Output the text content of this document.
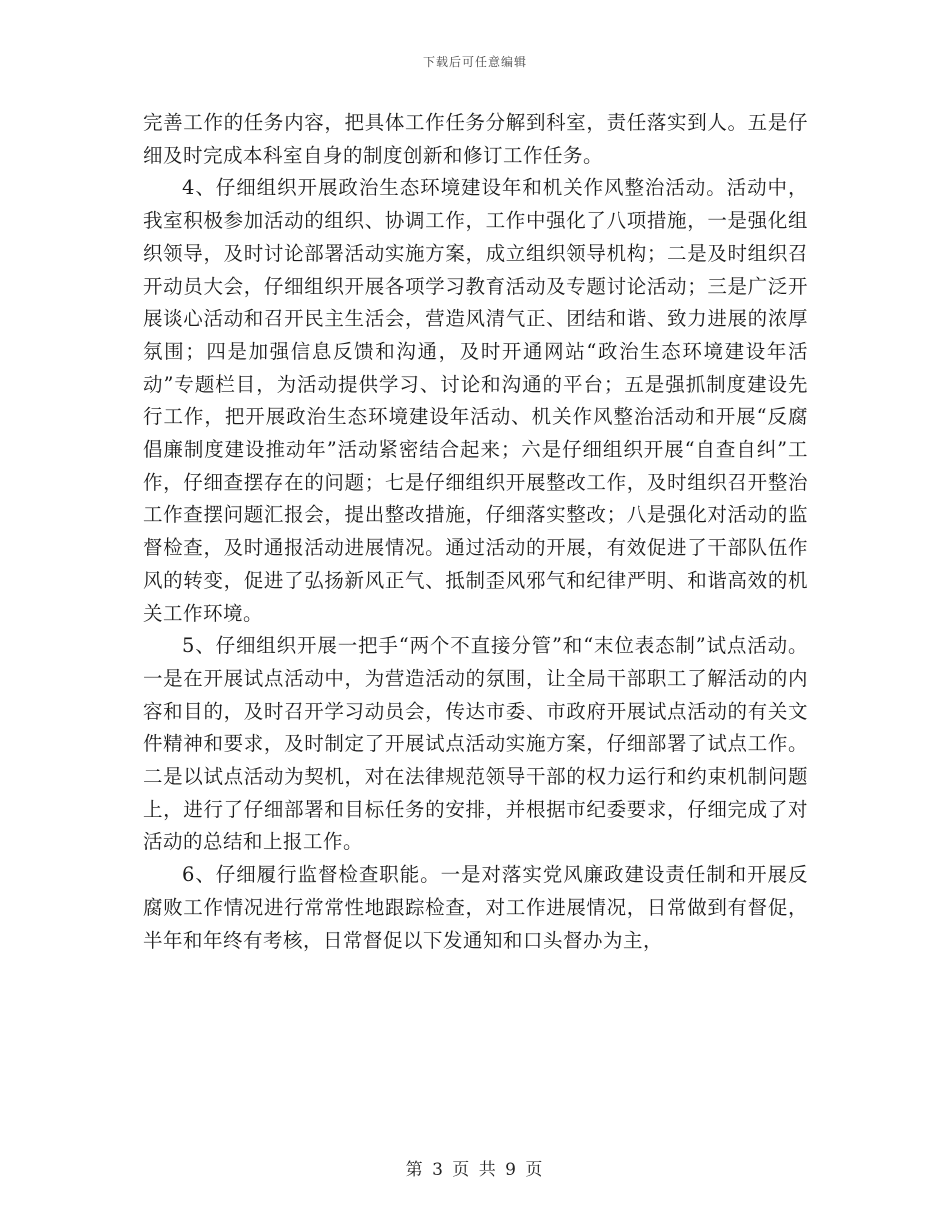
下载后可任意编辑

完善工作的任务内容，把具体工作任务分解到科室，责任落实到人。五是仔细及时完成本科室自身的制度创新和修订工作任务。

4、仔细组织开展政治生态环境建设年和机关作风整治活动。活动中，我室积极参加活动的组织、协调工作，工作中强化了八项措施，一是强化组织领导，及时讨论部署活动实施方案，成立组织领导机构；二是及时组织召开动员大会，仔细组织开展各项学习教育活动及专题讨论活动；三是广泛开展谈心活动和召开民主生活会，营造风清气正、团结和谐、致力进展的浓厚氛围；四是加强信息反馈和沟通，及时开通网站“政治生态环境建设年活动”专题栏目，为活动提供学习、讨论和沟通的平台；五是强抓制度建设先行工作，把开展政治生态环境建设年活动、机关作风整治活动和开展“反腐倡廉制度建设推动年”活动紧密结合起来；六是仔细组织开展“自查自纠”工作，仔细查摆存在的问题；七是仔细组织开展整改工作，及时组织召开整治工作查摆问题汇报会，提出整改措施，仔细落实整改；八是强化对活动的监督检查，及时通报活动进展情况。通过活动的开展，有效促进了干部队伍作风的转变，促进了弘扬新风正气、抵制歪风邪气和纪律严明、和谐高效的机关工作环境。

5、仔细组织开展一把手“两个不直接分管”和“末位表态制”试点活动。一是在开展试点活动中，为营造活动的氛围，让全局干部职工了解活动的内容和目的，及时召开学习动员会，传达市委、市政府开展试点活动的有关文件精神和要求，及时制定了开展试点活动实施方案，仔细部署了试点工作。二是以试点活动为契机，对在法律规范领导干部的权力运行和约束机制问题上，进行了仔细部署和目标任务的安排，并根据市纪委要求，仔细完成了对活动的总结和上报工作。

6、仔细履行监督检查职能。一是对落实党风廉政建设责任制和开展反腐败工作情况进行常常性地跟踪检查，对工作进展情况，日常做到有督促，半年和年终有考核，日常督促以下发通知和口头督办为主，

第 3 页 共 9 页
